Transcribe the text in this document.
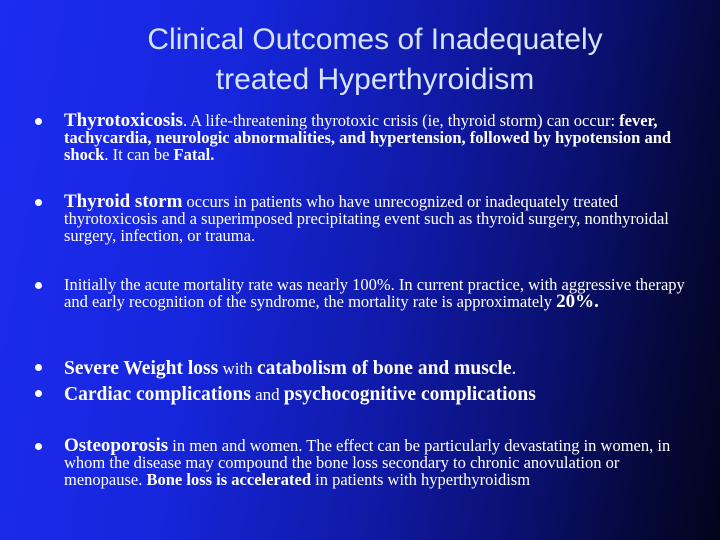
Clinical Outcomes of Inadequately
treated Hyperthyroidism
Thyrotoxicosis. A life-threatening thyrotoxic crisis (ie, thyroid storm) can occur: fever, tachycardia, neurologic abnormalities, and hypertension, followed by hypotension and shock. It can be Fatal.
Thyroid storm occurs in patients who have unrecognized or inadequately treated thyrotoxicosis and a superimposed precipitating event such as thyroid surgery, nonthyroidal surgery, infection, or trauma.
Initially the acute mortality rate was nearly 100%. In current practice, with aggressive therapy and early recognition of the syndrome, the mortality rate is approximately 20%.
Severe Weight loss with catabolism of bone and muscle.
Cardiac complications and psychocognitive complications
Osteoporosis in men and women. The effect can be particularly devastating in women, in whom the disease may compound the bone loss secondary to chronic anovulation or menopause. Bone loss is accelerated in patients with hyperthyroidism
